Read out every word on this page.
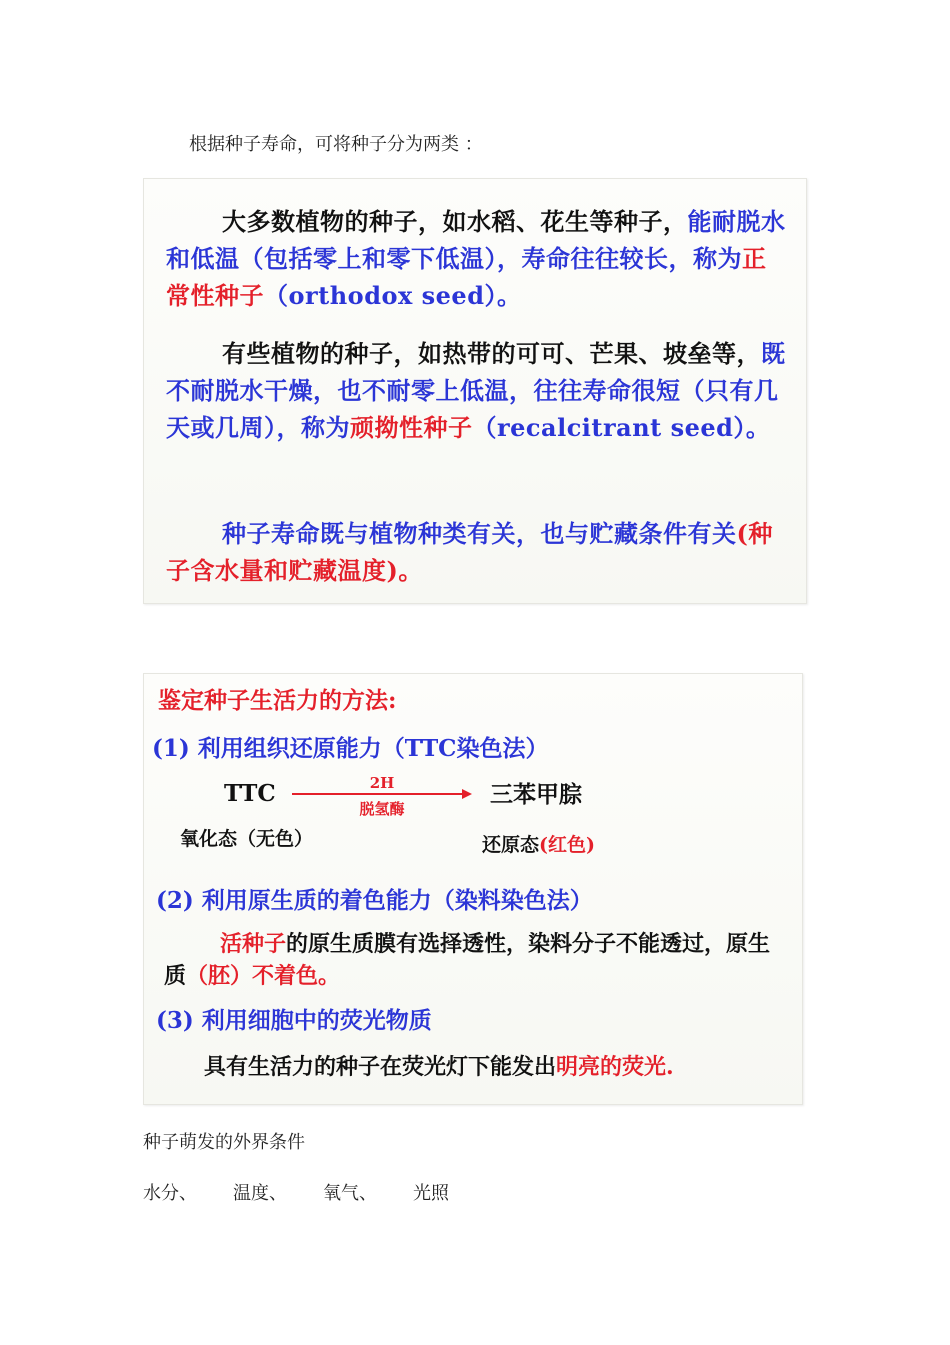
根据种子寿命，可将种子分为两类 ：
大多数植物的种子，如水稻、花生等种子，能耐脱水和低温（包括零上和零下低温），寿命往往较长，称为正常性种子（orthodox seed）。
有些植物的种子，如热带的可可、芒果、坡垒等，既不耐脱水干燥，也不耐零上低温，往往寿命很短（只有几天或几周），称为顽拗性种子（recalcitrant seed）。
种子寿命既与植物种类有关，也与贮藏条件有关(种子含水量和贮藏温度)。
鉴定种子生活力的方法:
(1) 利用组织还原能力（TTC染色法）
TTC	2H
脱氢酶
三苯甲腙
氧化态（无色）	还原态(红色)
(2) 利用原生质的着色能力（染料染色法）
活种子的原生质膜有选择透性，染料分子不能透过，原生质（胚）不着色。
(3) 利用细胞中的荧光物质
具有生活力的种子在荧光灯下能发出明亮的荧光.
种子萌发的外界条件
水分、 温度、 氧气、 光照
